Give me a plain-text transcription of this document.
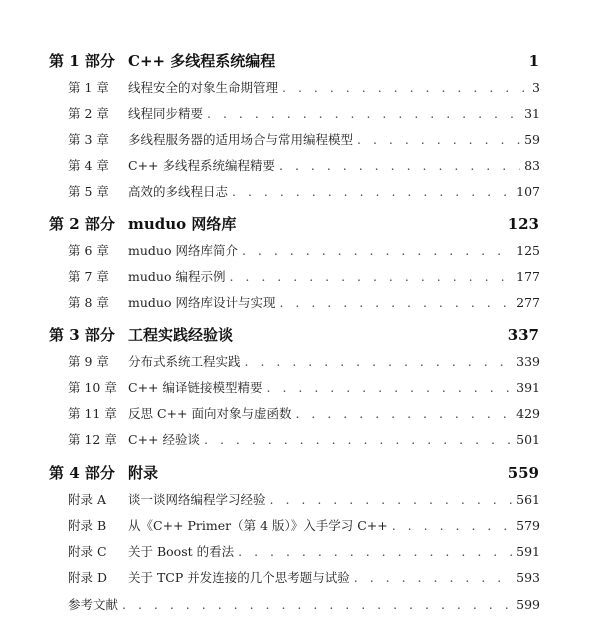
第 1 部分 C++ 多线程系统编程	1
第 1 章 线程安全的对象生命期管理 . . .	3
第 2 章 线程同步精要 . . .	31
第 3 章 多线程服务器的适用场合与常用编程模型 . . .	59
第 4 章 C++ 多线程系统编程精要 . . .	83
第 5 章 高效的多线程日志 . . .	107
第 2 部分 muduo 网络库	123
第 6 章 muduo 网络库简介 . . .	125
第 7 章 muduo 编程示例 . . .	177
第 8 章 muduo 网络库设计与实现 . . .	277
第 3 部分 工程实践经验谈	337
第 9 章 分布式系统工程实践 . . .	339
第 10 章 C++ 编译链接模型精要 . . .	391
第 11 章 反思 C++ 面向对象与虚函数 . . .	429
第 12 章 C++ 经验谈 . . .	501
第 4 部分 附录	559
附录 A 谈一谈网络编程学习经验 . . .	561
附录 B 从《C++ Primer（第 4 版）》入手学习 C++ . . .	579
附录 C 关于 Boost 的看法 . . .	591
附录 D 关于 TCP 并发连接的几个思考题与试验 . . .	593
参考文献 . . .	599
